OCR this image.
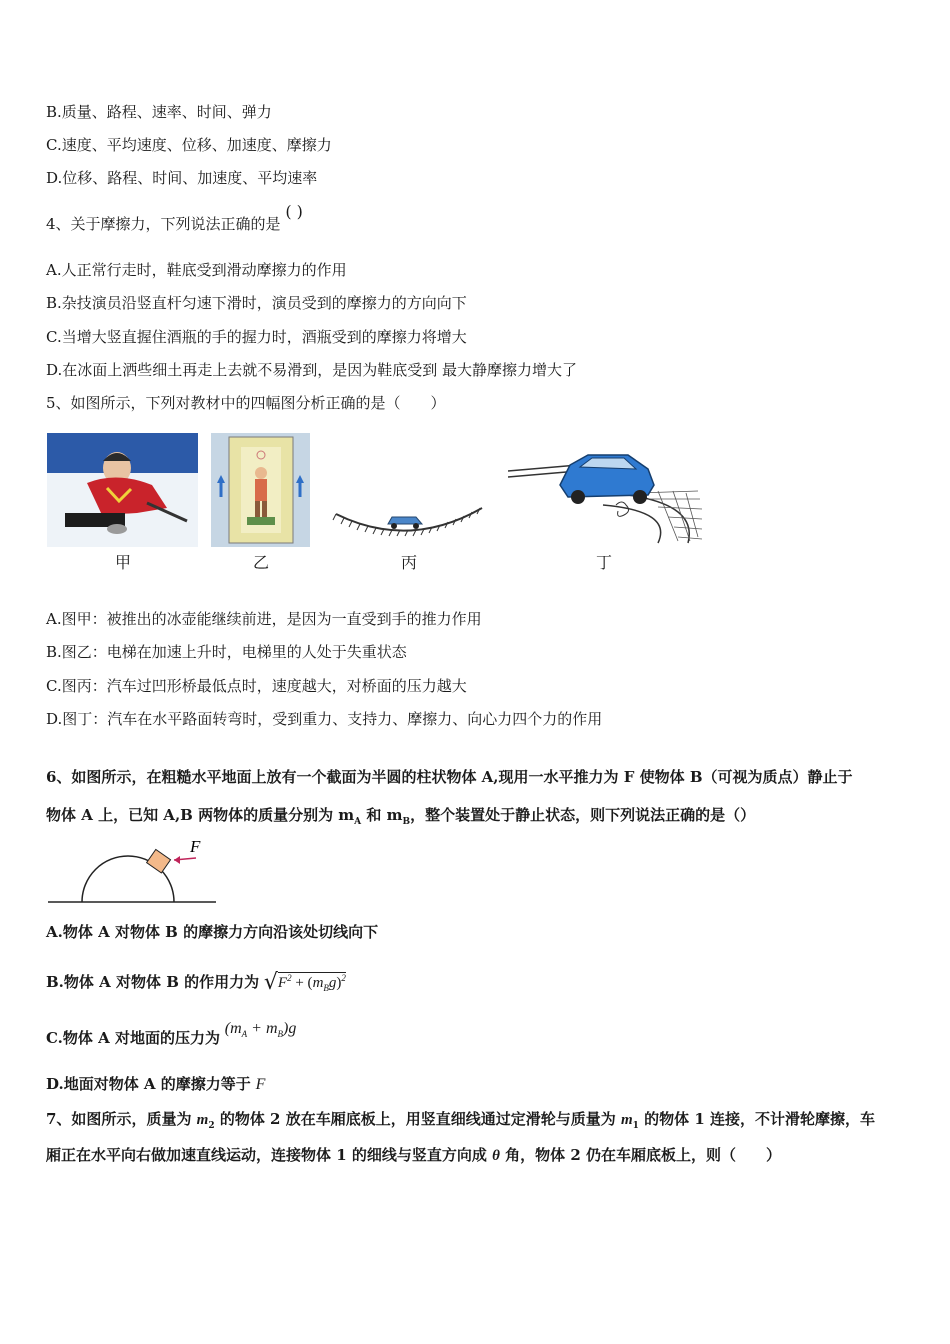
B.质量、路程、速率、时间、弹力
C.速度、平均速度、位移、加速度、摩擦力
D.位移、路程、时间、加速度、平均速率
4、关于摩擦力，下列说法正确的是 ( )
A.人正常行走时，鞋底受到滑动摩擦力的作用
B.杂技演员沿竖直杆匀速下滑时，演员受到的摩擦力的方向向下
C.当增大竖直握住酒瓶的手的握力时，酒瓶受到的摩擦力将增大
D.在冰面上洒些细土再走上去就不易滑到，是因为鞋底受到 最大静摩擦力增大了
5、如图所示，下列对教材中的四幅图分析正确的是（　　）
甲	乙	丙	丁
A.图甲：被推出的冰壶能继续前进，是因为一直受到手的推力作用
B.图乙：电梯在加速上升时，电梯里的人处于失重状态
C.图丙：汽车过凹形桥最低点时，速度越大，对桥面的压力越大
D.图丁：汽车在水平路面转弯时，受到重力、支持力、摩擦力、向心力四个力的作用
6、如图所示，在粗糙水平地面上放有一个截面为半圆的柱状物体 A,现用一水平推力为 F 使物体 B（可视为质点）静止于
物体 A 上，已知 A,B 两物体的质量分别为 $m_A$ 和 $m_B$，整个装置处于静止状态，则下列说法正确的是（）
F
A.物体 A 对物体 B 的摩擦力方向沿该处切线向下
B.物体 A 对物体 B 的作用力为 $√F^2 + (m_Bg)^2$
C.物体 A 对地面的压力为 $(m_A + m_B)g$
D.地面对物体 A 的摩擦力等于 F
7、如图所示，质量为 $m_2$ 的物体 2 放在车厢底板上，用竖直细线通过定滑轮与质量为 $m_1$ 的物体 1 连接，不计滑轮摩擦，车
厢正在水平向右做加速直线运动，连接物体 1 的细线与竖直方向成 θ 角，物体 2 仍在车厢底板上，则（　　）
